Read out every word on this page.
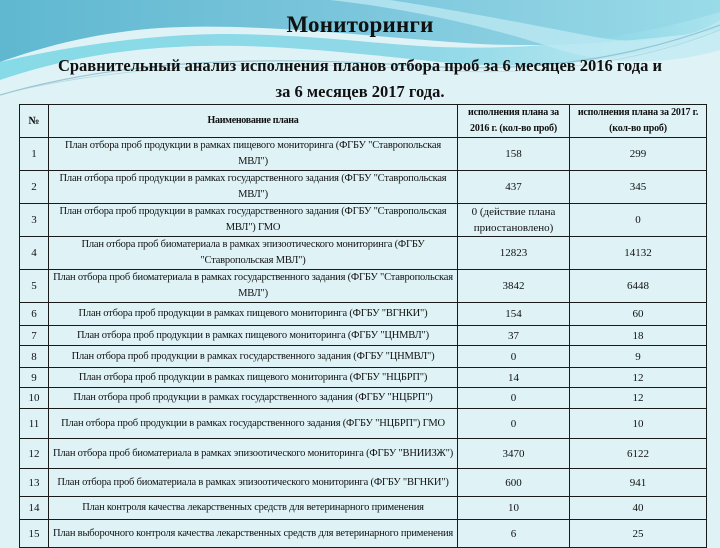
Мониторинги
Сравнительный анализ исполнения планов отбора проб за 6 месяцев 2016 года и
за 6 месяцев 2017 года.
№	Наименование плана	исполнения плана за 2016 г. (кол-во проб)	исполнения плана за 2017 г. (кол-во проб)
1	План отбора проб продукции в рамках пищевого мониторинга (ФГБУ "Ставропольская МВЛ")	158	299
2	План отбора проб продукции в рамках государственного задания (ФГБУ "Ставропольская МВЛ")	437	345
3	План отбора проб продукции в рамках государственного задания (ФГБУ "Ставропольская МВЛ") ГМО	0 (действие плана приостановлено)	0
4	План отбора проб биоматериала в рамках эпизоотического мониторинга (ФГБУ "Ставропольская МВЛ")	12823	14132
5	План отбора проб биоматериала в рамках государственного задания (ФГБУ "Ставропольская МВЛ")	3842	6448
6	План отбора проб продукции в рамках пищевого мониторинга (ФГБУ "ВГНКИ")	154	60
7	План отбора проб продукции в рамках пищевого мониторинга (ФГБУ "ЦНМВЛ")	37	18
8	План отбора проб продукции в рамках государственного задания (ФГБУ "ЦНМВЛ")	0	9
9	План отбора проб продукции в рамках пищевого мониторинга (ФГБУ "НЦБРП")	14	12
10	План отбора проб продукции в рамках государственного задания (ФГБУ "НЦБРП")	0	12
11	План отбора проб продукции в рамках государственного задания (ФГБУ "НЦБРП") ГМО	0	10
12	План отбора проб биоматериала в рамках эпизоотического мониторинга (ФГБУ "ВНИИЗЖ")	3470	6122
13	План отбора проб биоматериала в рамках эпизоотического мониторинга (ФГБУ "ВГНКИ")	600	941
14	План контроля качества лекарственных средств для ветеринарного применения	10	40
15	План выборочного контроля качества лекарственных средств для ветеринарного применения	6	25
